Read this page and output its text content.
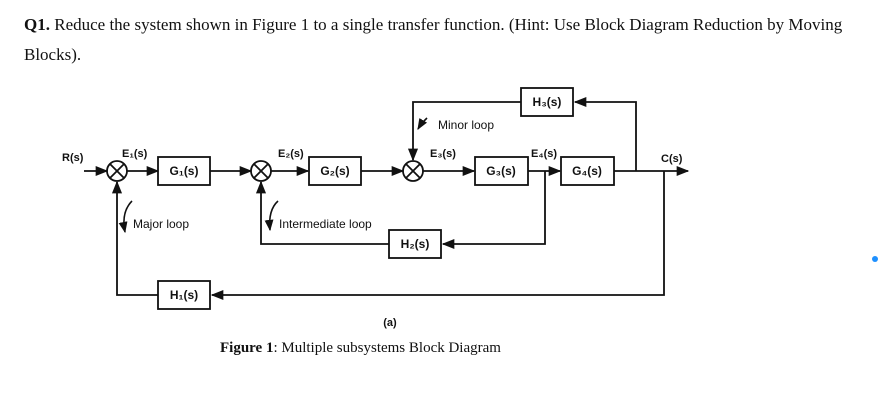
Q1. Reduce the system shown in Figure 1 to a single transfer function. (Hint: Use Block Diagram Reduction by Moving Blocks).

R(s)	C(s)
E₁(s)	E₂(s)	E₃(s)	E₄(s)
G₁(s)	G₂(s)	G₃(s)	G₄(s)
H₃(s)
Minor loop
H₂(s)
Intermediate loop
H₁(s)
Major loop
(a)

Figure 1: Multiple subsystems Block Diagram
